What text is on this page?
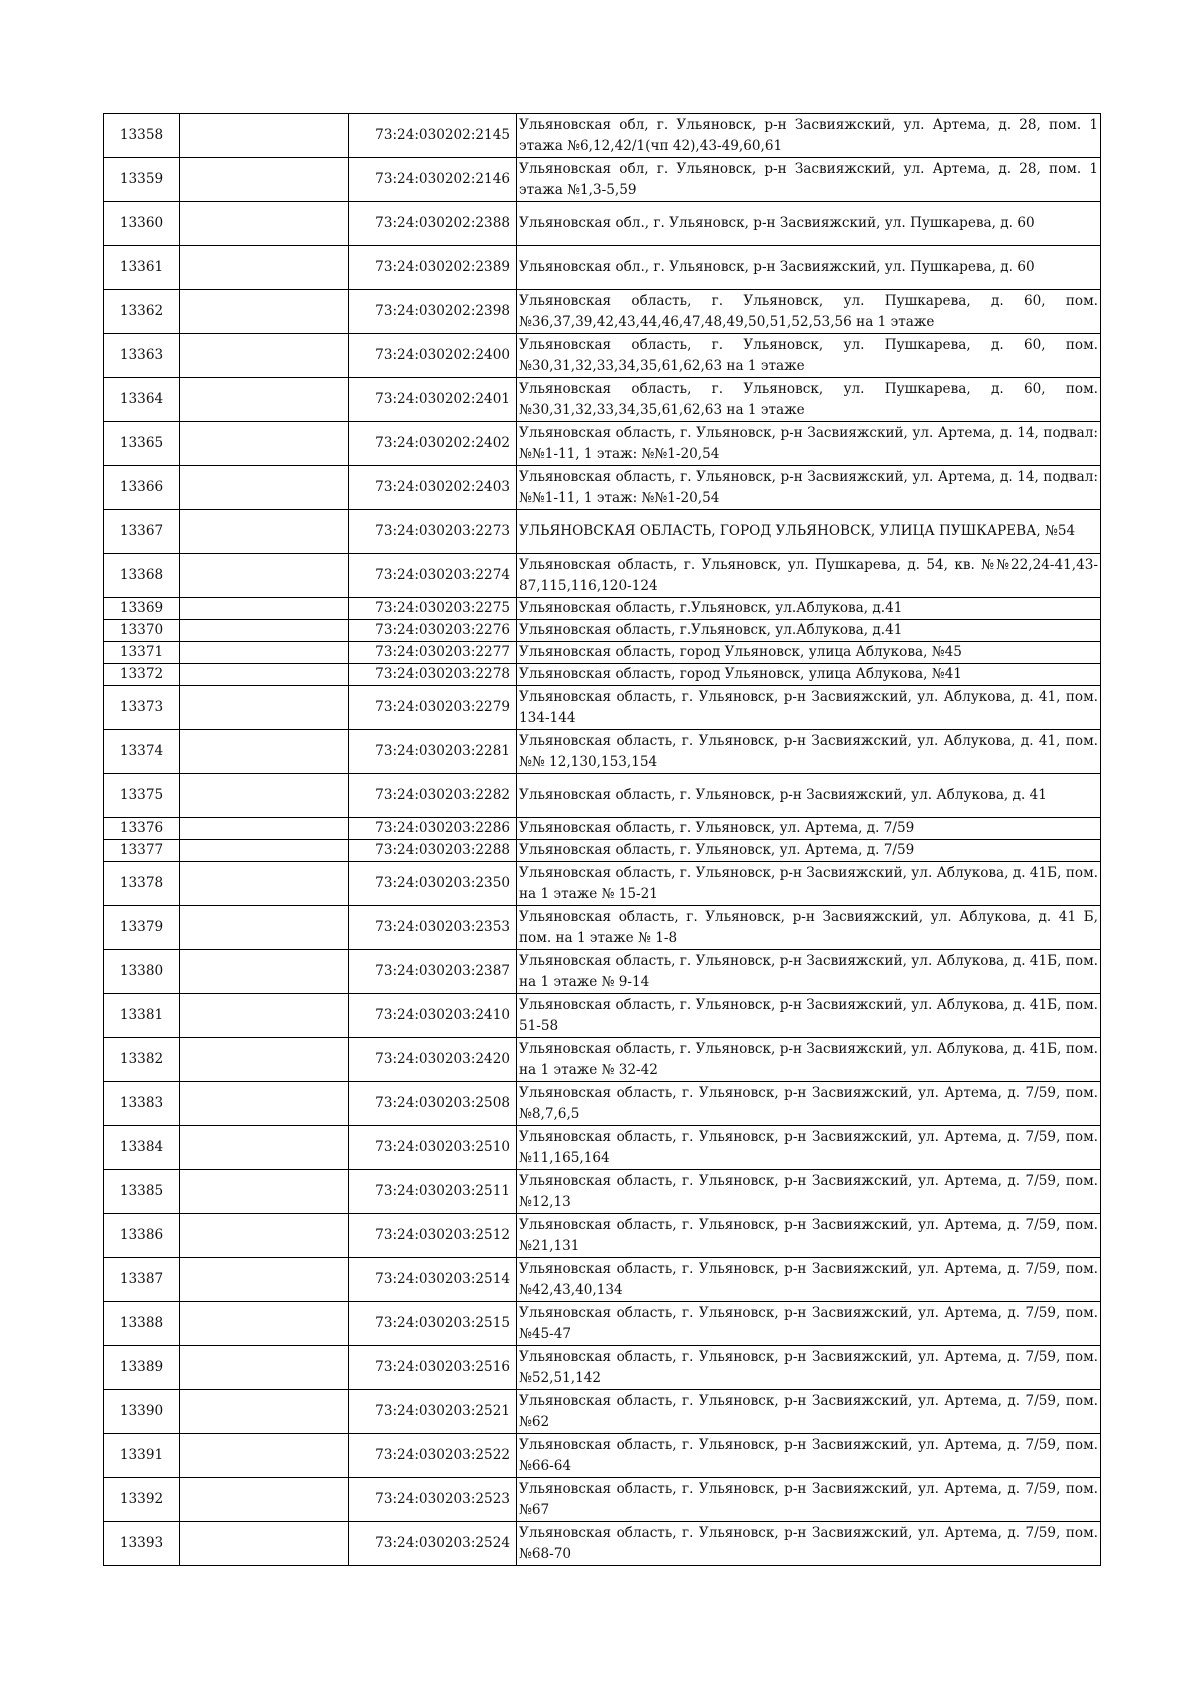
13358		73:24:030202:2145	Ульяновская обл, г. Ульяновск, р-н Засвияжский, ул. Артема, д. 28, пом. 1 этажа №6,12,42/1(чп 42),43-49,60,61
13359		73:24:030202:2146	Ульяновская обл, г. Ульяновск, р-н Засвияжский, ул. Артема, д. 28, пом. 1 этажа №1,3-5,59
13360		73:24:030202:2388	Ульяновская обл., г. Ульяновск, р-н Засвияжский, ул. Пушкарева, д. 60
13361		73:24:030202:2389	Ульяновская обл., г. Ульяновск, р-н Засвияжский, ул. Пушкарева, д. 60
13362		73:24:030202:2398	Ульяновская область, г. Ульяновск, ул. Пушкарева, д. 60, пом. №36,37,39,42,43,44,46,47,48,49,50,51,52,53,56 на 1 этаже
13363		73:24:030202:2400	Ульяновская область, г. Ульяновск, ул. Пушкарева, д. 60, пом. №30,31,32,33,34,35,61,62,63 на 1 этаже
13364		73:24:030202:2401	Ульяновская область, г. Ульяновск, ул. Пушкарева, д. 60, пом. №30,31,32,33,34,35,61,62,63 на 1 этаже
13365		73:24:030202:2402	Ульяновская область, г. Ульяновск, р-н Засвияжский, ул. Артема, д. 14, подвал: №№1-11, 1 этаж: №№1-20,54
13366		73:24:030202:2403	Ульяновская область, г. Ульяновск, р-н Засвияжский, ул. Артема, д. 14, подвал: №№1-11, 1 этаж: №№1-20,54
13367		73:24:030203:2273	УЛЬЯНОВСКАЯ ОБЛАСТЬ, ГОРОД УЛЬЯНОВСК, УЛИЦА ПУШКАРЕВА, №54
13368		73:24:030203:2274	Ульяновская область, г. Ульяновск, ул. Пушкарева, д. 54, кв. №№22,24-41,43-87,115,116,120-124
13369		73:24:030203:2275	Ульяновская область, г.Ульяновск, ул.Аблукова, д.41
13370		73:24:030203:2276	Ульяновская область, г.Ульяновск, ул.Аблукова, д.41
13371		73:24:030203:2277	Ульяновская область, город Ульяновск, улица Аблукова, №45
13372		73:24:030203:2278	Ульяновская область, город Ульяновск, улица Аблукова, №41
13373		73:24:030203:2279	Ульяновская область, г. Ульяновск, р-н Засвияжский, ул. Аблукова, д. 41, пом. 134-144
13374		73:24:030203:2281	Ульяновская область, г. Ульяновск, р-н Засвияжский, ул. Аблукова, д. 41, пом. №№ 12,130,153,154
13375		73:24:030203:2282	Ульяновская область, г. Ульяновск, р-н Засвияжский, ул. Аблукова, д. 41
13376		73:24:030203:2286	Ульяновская область, г. Ульяновск, ул. Артема, д. 7/59
13377		73:24:030203:2288	Ульяновская область, г. Ульяновск, ул. Артема, д. 7/59
13378		73:24:030203:2350	Ульяновская область, г. Ульяновск, р-н Засвияжский, ул. Аблукова, д. 41Б, пом. на 1 этаже № 15-21
13379		73:24:030203:2353	Ульяновская область, г. Ульяновск, р-н Засвияжский, ул. Аблукова, д. 41 Б, пом. на 1 этаже № 1-8
13380		73:24:030203:2387	Ульяновская область, г. Ульяновск, р-н Засвияжский, ул. Аблукова, д. 41Б, пом. на 1 этаже № 9-14
13381		73:24:030203:2410	Ульяновская область, г. Ульяновск, р-н Засвияжский, ул. Аблукова, д. 41Б, пом. 51-58
13382		73:24:030203:2420	Ульяновская область, г. Ульяновск, р-н Засвияжский, ул. Аблукова, д. 41Б, пом. на 1 этаже № 32-42
13383		73:24:030203:2508	Ульяновская область, г. Ульяновск, р-н Засвияжский, ул. Артема, д. 7/59, пом. №8,7,6,5
13384		73:24:030203:2510	Ульяновская область, г. Ульяновск, р-н Засвияжский, ул. Артема, д. 7/59, пом. №11,165,164
13385		73:24:030203:2511	Ульяновская область, г. Ульяновск, р-н Засвияжский, ул. Артема, д. 7/59, пом. №12,13
13386		73:24:030203:2512	Ульяновская область, г. Ульяновск, р-н Засвияжский, ул. Артема, д. 7/59, пом. №21,131
13387		73:24:030203:2514	Ульяновская область, г. Ульяновск, р-н Засвияжский, ул. Артема, д. 7/59, пом. №42,43,40,134
13388		73:24:030203:2515	Ульяновская область, г. Ульяновск, р-н Засвияжский, ул. Артема, д. 7/59, пом. №45-47
13389		73:24:030203:2516	Ульяновская область, г. Ульяновск, р-н Засвияжский, ул. Артема, д. 7/59, пом. №52,51,142
13390		73:24:030203:2521	Ульяновская область, г. Ульяновск, р-н Засвияжский, ул. Артема, д. 7/59, пом. №62
13391		73:24:030203:2522	Ульяновская область, г. Ульяновск, р-н Засвияжский, ул. Артема, д. 7/59, пом. №66-64
13392		73:24:030203:2523	Ульяновская область, г. Ульяновск, р-н Засвияжский, ул. Артема, д. 7/59, пом. №67
13393		73:24:030203:2524	Ульяновская область, г. Ульяновск, р-н Засвияжский, ул. Артема, д. 7/59, пом. №68-70
